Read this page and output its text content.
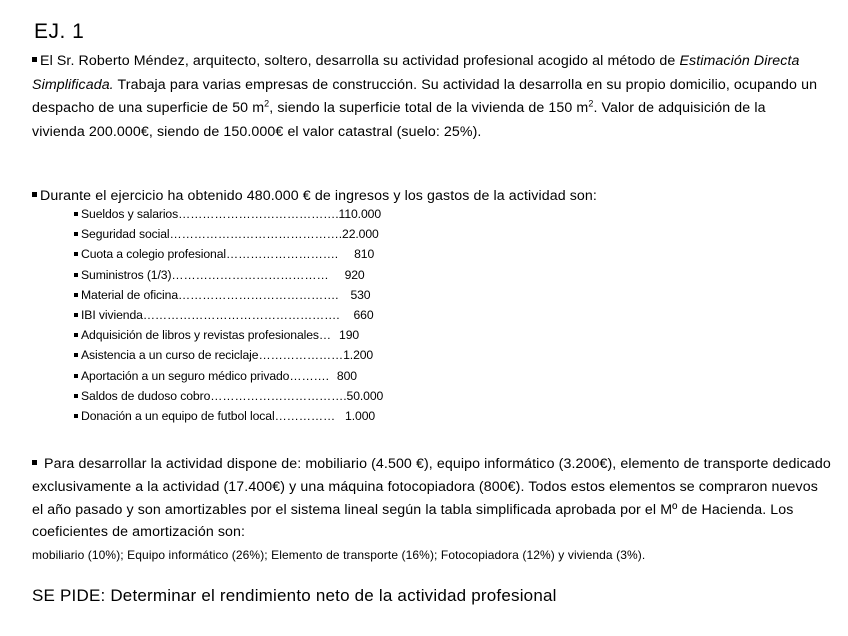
EJ. 1
El Sr. Roberto Méndez, arquitecto, soltero, desarrolla su actividad profesional acogido al método de Estimación Directa Simplificada. Trabaja para varias empresas de construcción. Su actividad la desarrolla en su propio domicilio, ocupando un despacho de una superficie de 50 $m^2$, siendo la superficie total de la vivienda de 150 $m^2$. Valor de adquisición de la vivienda 200.000€, siendo de 150.000€ el valor catastral (suelo: 25%).
Durante el ejercicio ha obtenido 480.000 € de ingresos y los gastos de la actividad son:
Sueldos y salarios …………………………………. 110.000
Seguridad social ……………………………………. 22.000
Cuota a colegio profesional ………………………. 810
Suministros (1/3) ………………………………… 920
Material de oficina …………………………………. 530
IBI vivienda …………………………………………. 660
Adquisición de libros y revistas profesionales … 190
Asistencia a un curso de reciclaje ………………… 1.200
Aportación a un seguro médico privado ………. 800
Saldos de dudoso cobro ……………………………. 50.000
Donación a un equipo de futbol local …………… 1.000
Para desarrollar la actividad dispone de: mobiliario (4.500 €), equipo informático (3.200€), elemento de transporte dedicado exclusivamente a la actividad (17.400€) y una máquina fotocopiadora (800€). Todos estos elementos se compraron nuevos el año pasado y son amortizables por el sistema lineal según la tabla simplificada aprobada por el Mº de Hacienda. Los coeficientes de amortización son:
mobiliario (10%); Equipo informático (26%); Elemento de transporte (16%); Fotocopiadora (12%) y vivienda (3%).
SE PIDE: Determinar el rendimiento neto de la actividad profesional
